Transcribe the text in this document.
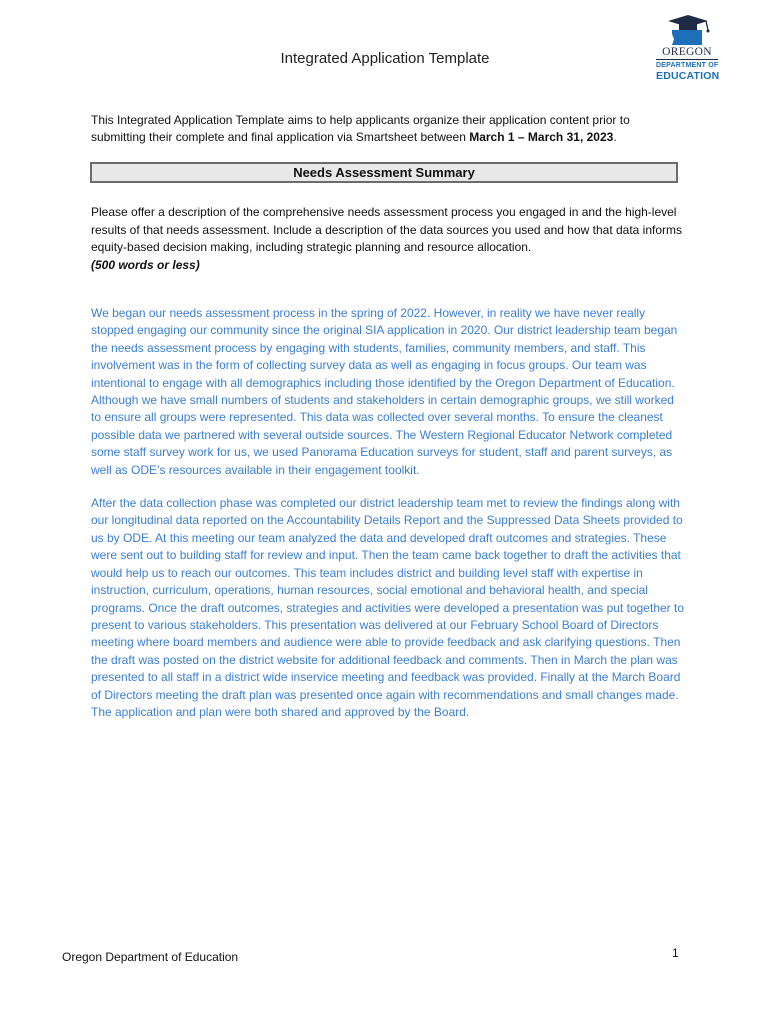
Integrated Application Template	OREGON
DEPARTMENT OF
EDUCATION
This Integrated Application Template aims to help applicants organize their application content prior to submitting their complete and final application via Smartsheet between March 1 – March 31, 2023.
Needs Assessment Summary
Please offer a description of the comprehensive needs assessment process you engaged in and the high-level results of that needs assessment. Include a description of the data sources you used and how that data informs equity-based decision making, including strategic planning and resource allocation.
(500 words or less)

We began our needs assessment process in the spring of 2022. However, in reality we have never really stopped engaging our community since the original SIA application in 2020. Our district leadership team began the needs assessment process by engaging with students, families, community members, and staff. This involvement was in the form of collecting survey data as well as engaging in focus groups. Our team was intentional to engage with all demographics including those identified by the Oregon Department of Education. Although we have small numbers of students and stakeholders in certain demographic groups, we still worked to ensure all groups were represented. This data was collected over several months. To ensure the cleanest possible data we partnered with several outside sources. The Western Regional Educator Network completed some staff survey work for us, we used Panorama Education surveys for student, staff and parent surveys, as well as ODE’s resources available in their engagement toolkit.

After the data collection phase was completed our district leadership team met to review the findings along with our longitudinal data reported on the Accountability Details Report and the Suppressed Data Sheets provided to us by ODE. At this meeting our team analyzed the data and developed draft outcomes and strategies. These were sent out to building staff for review and input. Then the team came back together to draft the activities that would help us to reach our outcomes. This team includes district and building level staff with expertise in instruction, curriculum, operations, human resources, social emotional and behavioral health, and special programs. Once the draft outcomes, strategies and activities were developed a presentation was put together to present to various stakeholders. This presentation was delivered at our February School Board of Directors meeting where board members and audience were able to provide feedback and ask clarifying questions. Then the draft was posted on the district website for additional feedback and comments. Then in March the plan was presented to all staff in a district wide inservice meeting and feedback was provided. Finally at the March Board of Directors meeting the draft plan was presented once again with recommendations and small changes made. The application and plan were both shared and approved by the Board.

Oregon Department of Education	1
